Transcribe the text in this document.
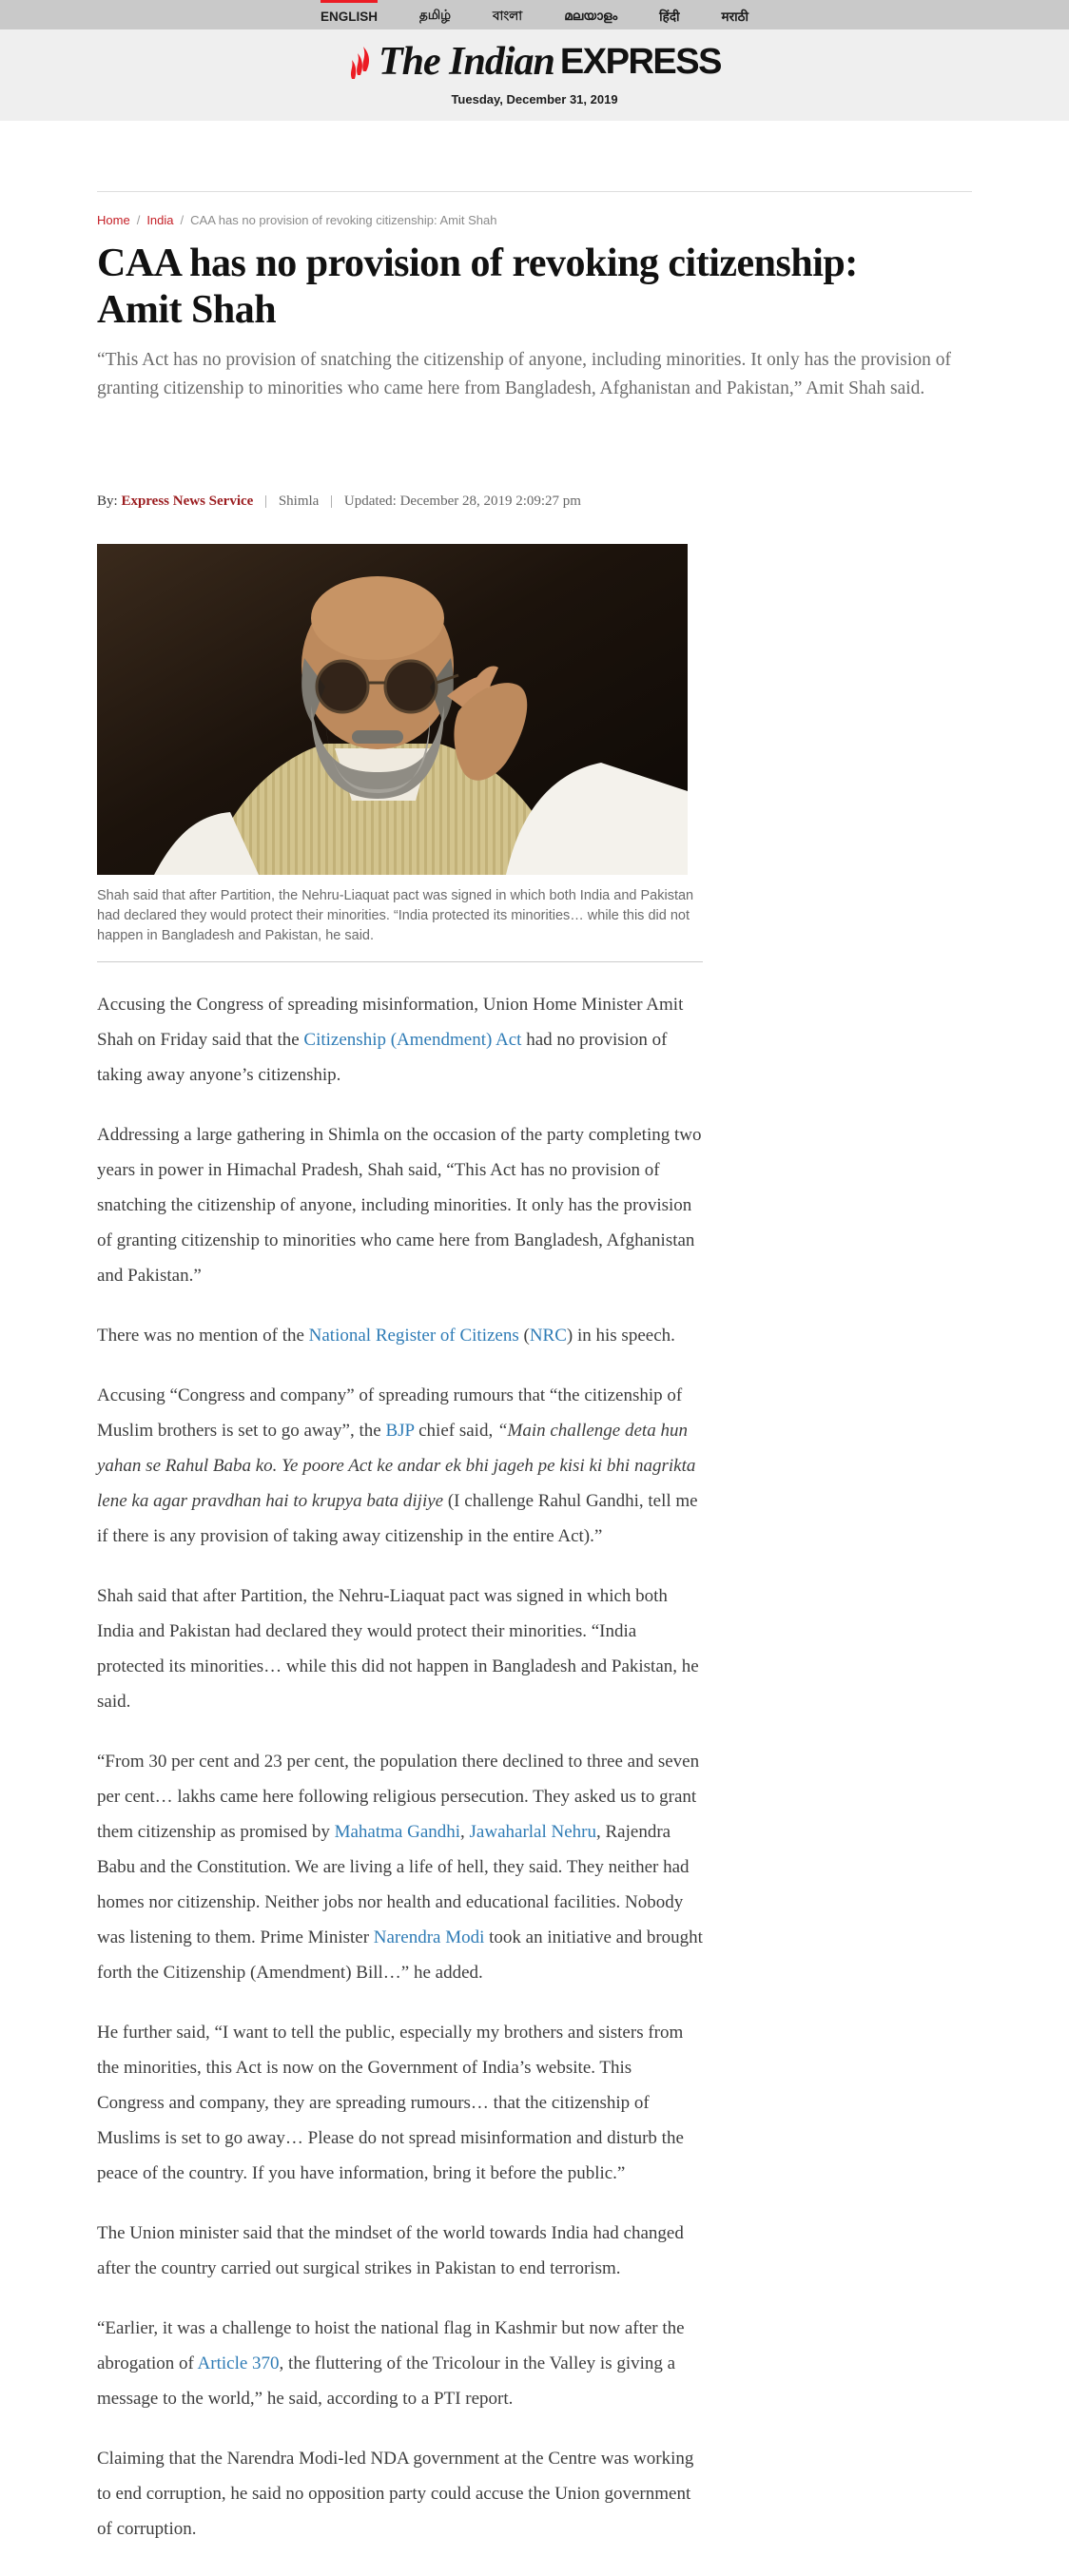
ENGLISH	தமிழ்	বাংলা	മലയാളം	हिंदी	मराठी
The Indian EXPRESS
Tuesday, December 31, 2019
Home / India / CAA has no provision of revoking citizenship: Amit Shah
CAA has no provision of revoking citizenship: Amit Shah
“This Act has no provision of snatching the citizenship of anyone, including minorities. It only has the provision of granting citizenship to minorities who came here from Bangladesh, Afghanistan and Pakistan,” Amit Shah said.
By: Express News Service | Shimla | Updated: December 28, 2019 2:09:27 pm
Shah said that after Partition, the Nehru-Liaquat pact was signed in which both India and Pakistan had declared they would protect their minorities. “India protected its minorities… while this did not happen in Bangladesh and Pakistan, he said.

Accusing the Congress of spreading misinformation, Union Home Minister Amit Shah on Friday said that the Citizenship (Amendment) Act had no provision of taking away anyone’s citizenship.

Addressing a large gathering in Shimla on the occasion of the party completing two years in power in Himachal Pradesh, Shah said, “This Act has no provision of snatching the citizenship of anyone, including minorities. It only has the provision of granting citizenship to minorities who came here from Bangladesh, Afghanistan and Pakistan.”

There was no mention of the National Register of Citizens (NRC) in his speech.

Accusing “Congress and company” of spreading rumours that “the citizenship of Muslim brothers is set to go away”, the BJP chief said, “Main challenge deta hun yahan se Rahul Baba ko. Ye poore Act ke andar ek bhi jageh pe kisi ki bhi nagrikta lene ka agar pravdhan hai to krupya bata dijiye (I challenge Rahul Gandhi, tell me if there is any provision of taking away citizenship in the entire Act).”

Shah said that after Partition, the Nehru-Liaquat pact was signed in which both India and Pakistan had declared they would protect their minorities. “India protected its minorities… while this did not happen in Bangladesh and Pakistan, he said.

“From 30 per cent and 23 per cent, the population there declined to three and seven per cent… lakhs came here following religious persecution. They asked us to grant them citizenship as promised by Mahatma Gandhi, Jawaharlal Nehru, Rajendra Babu and the Constitution. We are living a life of hell, they said. They neither had homes nor citizenship. Neither jobs nor health and educational facilities. Nobody was listening to them. Prime Minister Narendra Modi took an initiative and brought forth the Citizenship (Amendment) Bill…” he added.

He further said, “I want to tell the public, especially my brothers and sisters from the minorities, this Act is now on the Government of India’s website. This Congress and company, they are spreading rumours… that the citizenship of Muslims is set to go away… Please do not spread misinformation and disturb the peace of the country. If you have information, bring it before the public.”

The Union minister said that the mindset of the world towards India had changed after the country carried out surgical strikes in Pakistan to end terrorism.

“Earlier, it was a challenge to hoist the national flag in Kashmir but now after the abrogation of Article 370, the fluttering of the Tricolour in the Valley is giving a message to the world,” he said, according to a PTI report.

Claiming that the Narendra Modi-led NDA government at the Centre was working to end corruption, he said no opposition party could accuse the Union government of corruption.
